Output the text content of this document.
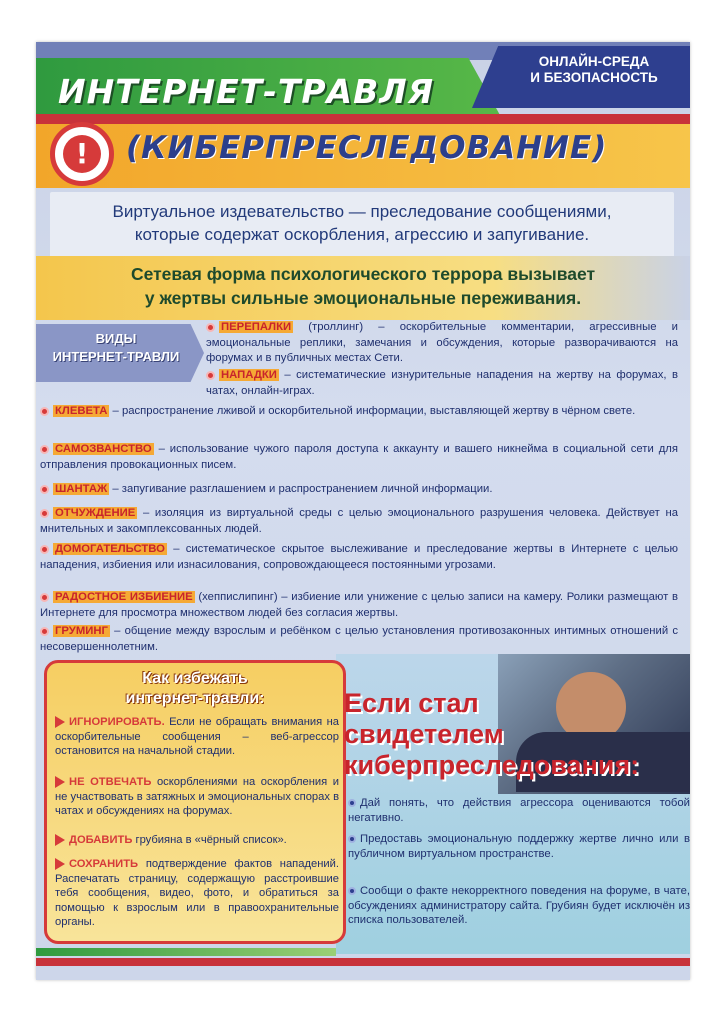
ИНТЕРНЕТ-ТРАВЛЯ
ОНЛАЙН-СРЕДА
И БЕЗОПАСНОСТЬ
!	(КИБЕРПРЕСЛЕДОВАНИЕ)
Виртуальное издевательство — преследование сообщениями,
которые содержат оскорбления, агрессию и запугивание.
Сетевая форма психологического террора вызывает
у жертвы сильные эмоциональные переживания.
ВИДЫ
ИНТЕРНЕТ-ТРАВЛИ
ПЕРЕПАЛКИ (троллинг) – оскорбительные комментарии, агрессивные и эмоциональные реплики, замечания и обсуждения, которые разворачиваются на форумах и в публичных местах Сети.
НАПАДКИ – систематические изнурительные нападения на жертву на форумах, в чатах, онлайн-играх.
КЛЕВЕТА – распространение лживой и оскорбительной информации, выставляющей жертву в чёрном свете.
САМОЗВАНСТВО – использование чужого пароля доступа к аккаунту и вашего никнейма в социальной сети для отправления провокационных писем.
ШАНТАЖ – запугивание разглашением и распространением личной информации.
ОТЧУЖДЕНИЕ – изоляция из виртуальной среды с целью эмоционального разрушения человека. Действует на мнительных и закомплексованных людей.
ДОМОГАТЕЛЬСТВО – систематическое скрытое выслеживание и преследование жертвы в Интернете с целью нападения, избиения или изнасилования, сопровождающееся постоянными угрозами.
РАДОСТНОЕ ИЗБИЕНИЕ (хеппислипинг) – избиение или унижение с целью записи на камеру. Ролики размещают в Интернете для просмотра множеством людей без согласия жертвы.
ГРУМИНГ – общение между взрослым и ребёнком с целью установления противозаконных интимных отношений с несовершеннолетним.
Как избежать
интернет-травли:
ИГНОРИРОВАТЬ. Если не обращать внимания на оскорбительные сообщения – веб-агрессор остановится на начальной стадии.
НЕ ОТВЕЧАТЬ оскорблениями на оскорбления и не участвовать в затяжных и эмоциональных спорах в чатах и обсуждениях на форумах.
ДОБАВИТЬ грубияна в «чёрный список».
СОХРАНИТЬ подтверждение фактов нападений. Распечатать страницу, содержащую расстроившие тебя сообщения, видео, фото, и обратиться за помощью к взрослым или в правоохранительные органы.
Если стал
свидетелем
киберпреследования:
Дай понять, что действия агрессора оцениваются тобой негативно.
Предоставь эмоциональную поддержку жертве лично или в публичном виртуальном пространстве.
Сообщи о факте некорректного поведения на форуме, в чате, обсуждениях администратору сайта. Грубиян будет исключён из списка пользователей.
